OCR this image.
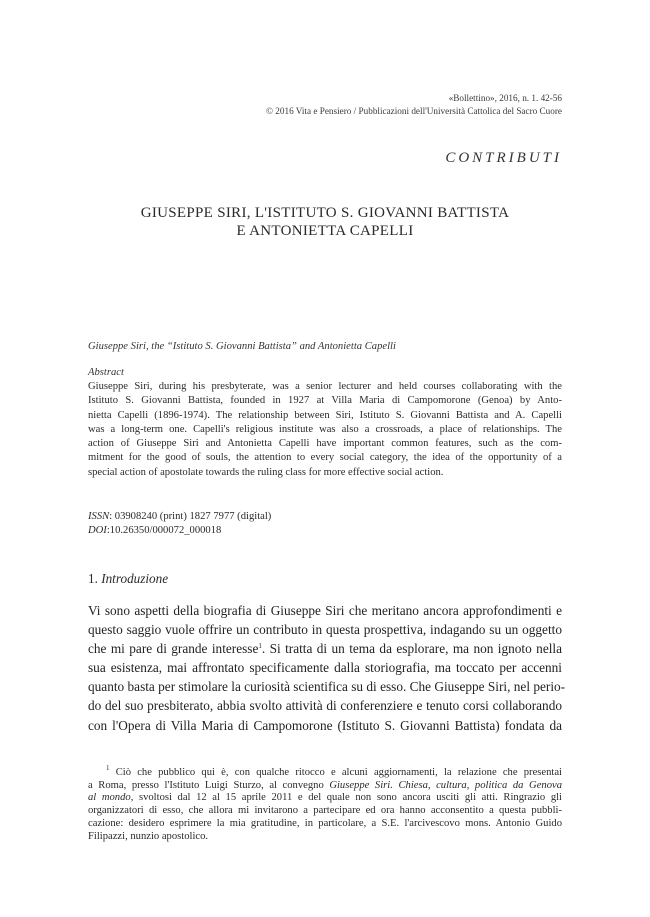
«Bollettino», 2016, n. 1. 42-56
© 2016 Vita e Pensiero / Pubblicazioni dell'Università Cattolica del Sacro Cuore
CONTRIBUTI
GIUSEPPE SIRI, L'ISTITUTO S. GIOVANNI BATTISTA
E ANTONIETTA CAPELLI
Giuseppe Siri, the “Istituto S. Giovanni Battista” and Antonietta Capelli
Abstract
Giuseppe Siri, during his presbyterate, was a senior lecturer and held courses collaborating with the
Istituto S. Giovanni Battista, founded in 1927 at Villa Maria di Campomorone (Genoa) by Anto-
nietta Capelli (1896-1974). The relationship between Siri, Istituto S. Giovanni Battista and A. Capelli
was a long-term one. Capelli's religious institute was also a crossroads, a place of relationships. The
action of Giuseppe Siri and Antonietta Capelli have important common features, such as the com-
mitment for the good of souls, the attention to every social category, the idea of the opportunity of a
special action of apostolate towards the ruling class for more effective social action.
ISSN: 03908240 (print) 1827 7977 (digital)
DOI:10.26350/000072_000018
1. Introduzione
Vi sono aspetti della biografia di Giuseppe Siri che meritano ancora approfondimenti e
questo saggio vuole offrire un contributo in questa prospettiva, indagando su un oggetto
che mi pare di grande interesse$^1$. Si tratta di un tema da esplorare, ma non ignoto nella
sua esistenza, mai affrontato specificamente dalla storiografia, ma toccato per accenni
quanto basta per stimolare la curiosità scientifica su di esso. Che Giuseppe Siri, nel perio-
do del suo presbiterato, abbia svolto attività di conferenziere e tenuto corsi collaborando
con l'Opera di Villa Maria di Campomorone (Istituto S. Giovanni Battista) fondata da
$^1$ Ciò che pubblico qui è, con qualche ritocco e alcuni aggiornamenti, la relazione che presentai
a Roma, presso l'Istituto Luigi Sturzo, al convegno Giuseppe Siri. Chiesa, cultura, politica da Genova
al mondo, svoltosi dal 12 al 15 aprile 2011 e del quale non sono ancora usciti gli atti. Ringrazio gli
organizzatori di esso, che allora mi invitarono a partecipare ed ora hanno acconsentito a questa pubbli-
cazione: desidero esprimere la mia gratitudine, in particolare, a S.E. l'arcivescovo mons. Antonio Guido
Filipazzi, nunzio apostolico.
